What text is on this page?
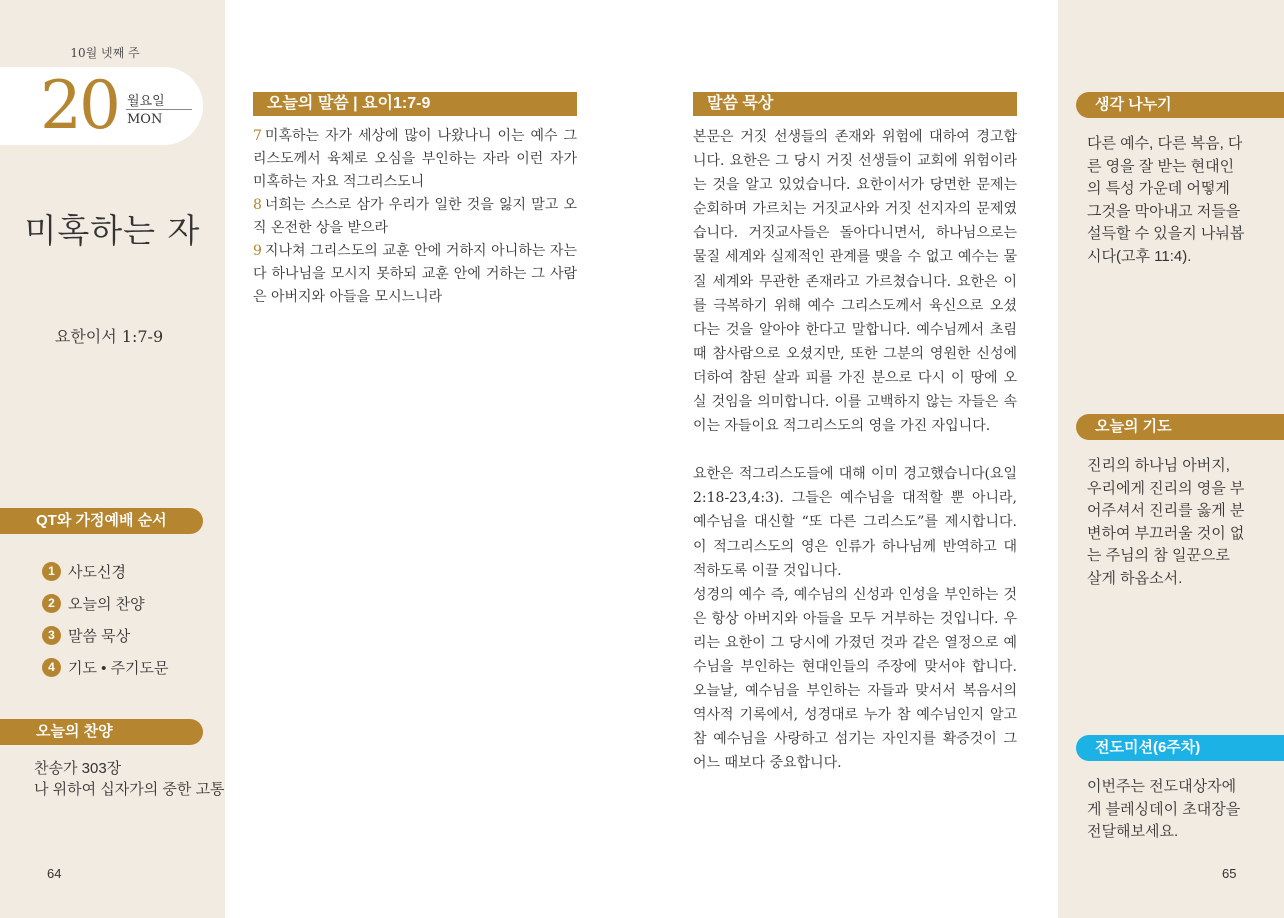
10월 넷째 주
20 월요일
MON
미혹하는 자
요한이서 1:7-9
QT와 가정예배 순서
1 사도신경
2 오늘의 찬양
3 말씀 묵상
4 기도 • 주기도문
오늘의 찬양
찬송가 303장
나 위하여 십자가의 중한 고통
64
오늘의 말씀 | 요이1:7-9
7 미혹하는 자가 세상에 많이 나왔나니 이는 예수 그리스도께서 육체로 오심을 부인하는 자라 이런 자가 미혹하는 자요 적그리스도니
8 너희는 스스로 삼가 우리가 일한 것을 잃지 말고 오직 온전한 상을 받으라
9 지나쳐 그리스도의 교훈 안에 거하지 아니하는 자는 다 하나님을 모시지 못하되 교훈 안에 거하는 그 사람은 아버지와 아들을 모시느니라
말씀 묵상

본문은 거짓 선생들의 존재와 위험에 대하여 경고합니다. 요한은 그 당시 거짓 선생들이 교회에 위험이라는 것을 알고 있었습니다. 요한이서가 당면한 문제는 순회하며 가르치는 거짓교사와 거짓 선지자의 문제였습니다. 거짓교사들은 돌아다니면서, 하나님으로는 물질 세계와 실제적인 관계를 맺을 수 없고 예수는 물질 세계와 무관한 존재라고 가르쳤습니다. 요한은 이를 극복하기 위해 예수 그리스도께서 육신으로 오셨다는 것을 알아야 한다고 말합니다. 예수님께서 초림 때 참사람으로 오셨지만, 또한 그분의 영원한 신성에 더하여 참된 살과 피를 가진 분으로 다시 이 땅에 오실 것임을 의미합니다. 이를 고백하지 않는 자들은 속이는 자들이요 적그리스도의 영을 가진 자입니다.

요한은 적그리스도들에 대해 이미 경고했습니다(요일2:18-23,4:3). 그들은 예수님을 대적할 뿐 아니라, 예수님을 대신할 “또 다른 그리스도”를 제시합니다. 이 적그리스도의 영은 인류가 하나님께 반역하고 대적하도록 이끌 것입니다.

성경의 예수 즉, 예수님의 신성과 인성을 부인하는 것은 항상 아버지와 아들을 모두 거부하는 것입니다. 우리는 요한이 그 당시에 가졌던 것과 같은 열정으로 예수님을 부인하는 현대인들의 주장에 맞서야 합니다. 오늘날, 예수님을 부인하는 자들과 맞서서 복음서의 역사적 기록에서, 성경대로 누가 참 예수님인지 알고 참 예수님을 사랑하고 섬기는 자인지를 확증것이 그 어느 때보다 중요합니다.

생각 나누기
다른 예수, 다른 복음, 다른 영을 잘 받는 현대인의 특성 가운데 어떻게 그것을 막아내고 저들을 설득할 수 있을지 나눠봅시다(고후 11:4).
오늘의 기도
진리의 하나님 아버지, 우리에게 진리의 영을 부어주셔서 진리를 옳게 분변하여 부끄러울 것이 없는 주님의 참 일꾼으로 살게 하옵소서.
전도미션(6주차)
이번주는 전도대상자에게 블레싱데이 초대장을 전달해보세요.
65
